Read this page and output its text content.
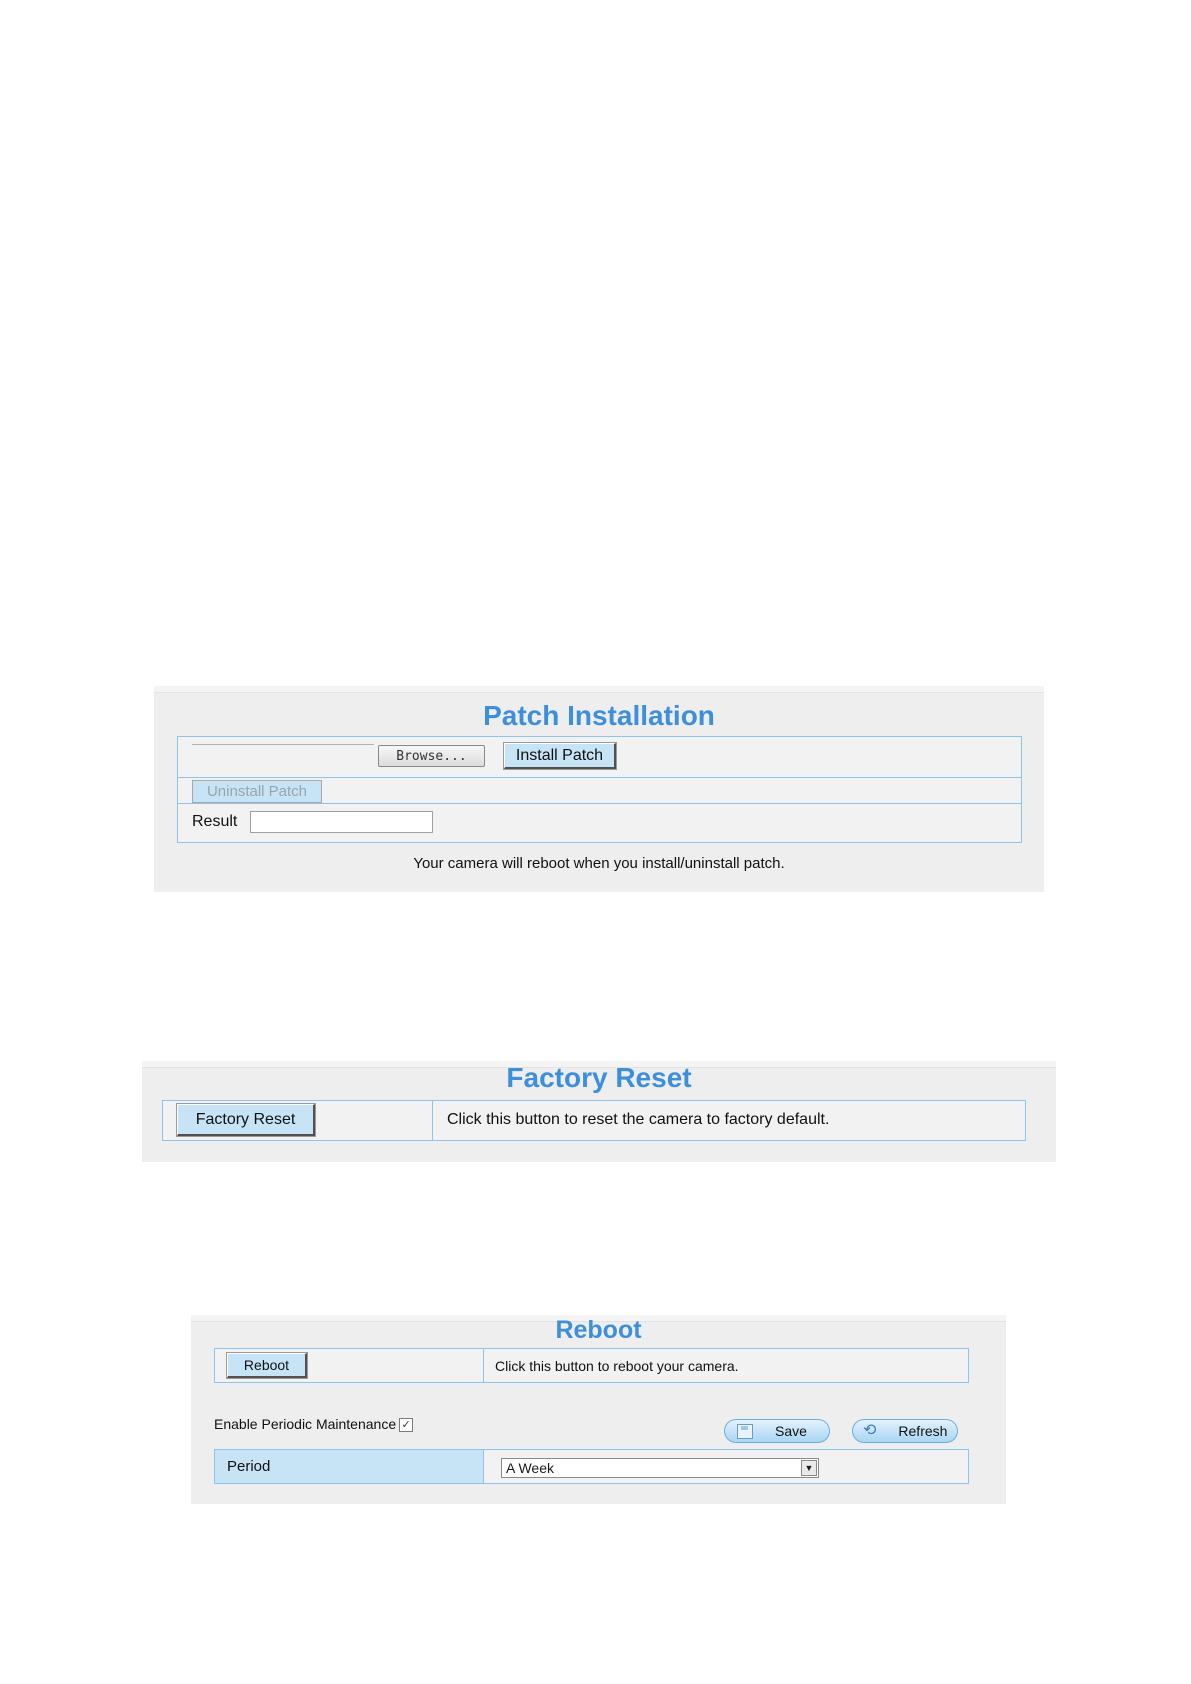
Patch Installation
Browse...	Install Patch
Uninstall Patch
Result
Your camera will reboot when you install/uninstall patch.
Factory Reset
Factory Reset	Click this button to reset the camera to factory default.
Reboot
Reboot	Click this button to reboot your camera.
Enable Periodic Maintenance ✓	Save	⟲ Refresh
Period	A Week	▼
